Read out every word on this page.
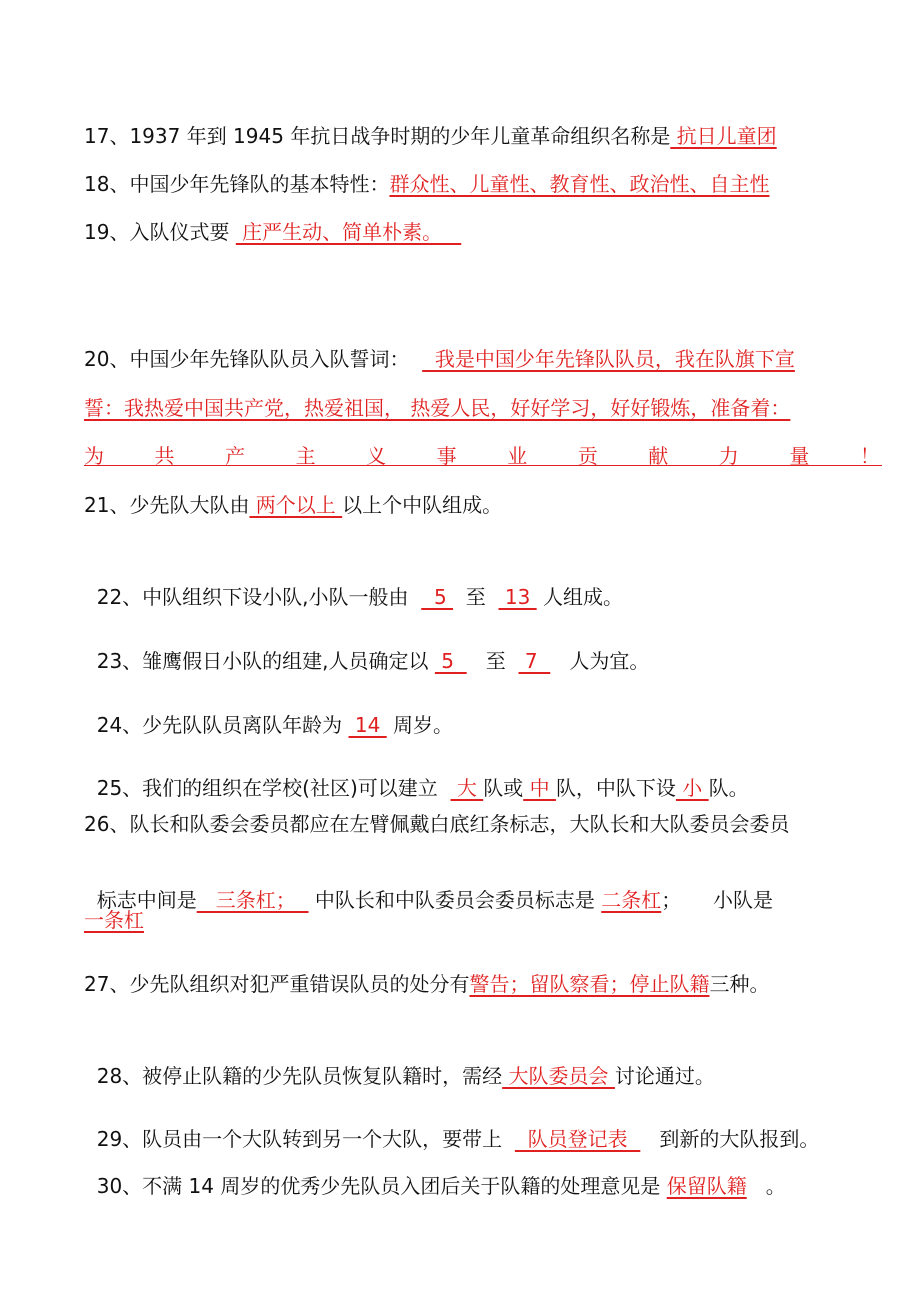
17、1937 年到 1945 年抗日战争时期的少年儿童革命组织名称是 抗日儿童团
18、中国少年先锋队的基本特性：群众性、儿童性、教育性、政治性、自主性
19、入队仪式要  庄严生动、简单朴素。
20、中国少年先锋队队员入队誓词：    我是中国少年先锋队队员，我在队旗下宣
誓：我热爱中国共产党，热爱祖国， 热爱人民，好好学习，好好锻炼，准备着：
为	共	产	主	义	事	业	贡	献	力	量	！
21、少先队大队由 两个以上 以上个中队组成。

22、中队组织下设小队,小队一般由    5   至   13  人组成。

23、雏鹰假日小队的组建,人员确定以  5     至   7     人为宜。

24、少先队队员离队年龄为  14  周岁。

25、我们的组织在学校(社区)可以建立   大 队或 中 队，中队下设 小 队。

26、队长和队委会委员都应在左臂佩戴白底红条标志，大队长和大队委员会委员

标志中间是   三条杠；   中队长和中队委员会委员标志是 二条杠；     小队是

一条杠
27、少先队组织对犯严重错误队员的处分有警告；留队察看；停止队籍三种。

28、被停止队籍的少先队员恢复队籍时，需经 大队委员会 讨论通过。

29、队员由一个大队转到另一个大队，要带上    队员登记表     到新的大队报到。

30、不满 14 周岁的优秀少先队员入团后关于队籍的处理意见是 保留队籍   。
